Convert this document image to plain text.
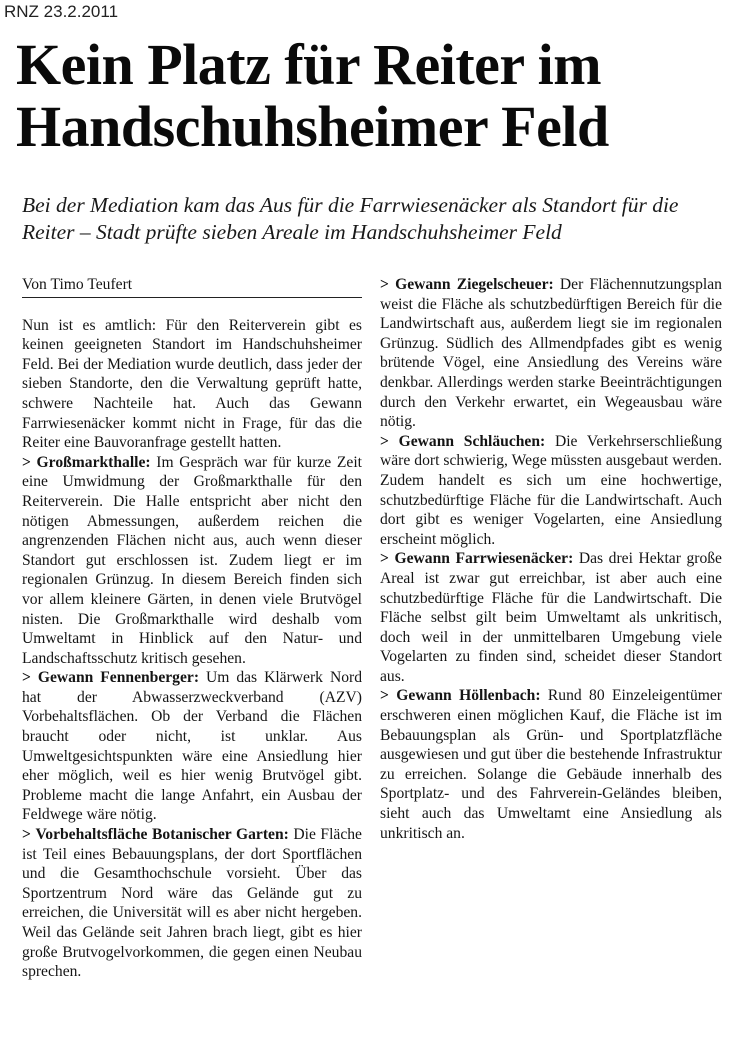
RNZ 23.2.2011
Kein Platz für Reiter im Handschuhsheimer Feld

Bei der Mediation kam das Aus für die Farrwiesenäcker als Standort für die Reiter – Stadt prüfte sieben Areale im Handschuhsheimer Feld

Von Timo Teufert

Nun ist es amtlich: Für den Reiterverein gibt es keinen geeigneten Standort im Handschuhsheimer Feld. Bei der Mediation wurde deutlich, dass jeder der sieben Standorte, den die Verwaltung geprüft hatte, schwere Nachteile hat. Auch das Gewann Farrwiesenäcker kommt nicht in Frage, für das die Reiter eine Bauvoranfrage gestellt hatten.

> Großmarkthalle: Im Gespräch war für kurze Zeit eine Umwidmung der Großmarkthalle für den Reiterverein. Die Halle entspricht aber nicht den nötigen Abmessungen, außerdem reichen die angrenzenden Flächen nicht aus, auch wenn dieser Standort gut erschlossen ist. Zudem liegt er im regionalen Grünzug. In diesem Bereich finden sich vor allem kleinere Gärten, in denen viele Brutvögel nisten. Die Großmarkthalle wird deshalb vom Umweltamt in Hinblick auf den Natur- und Landschaftsschutz kritisch gesehen.

> Gewann Fennenberger: Um das Klärwerk Nord hat der Abwasserzweckverband (AZV) Vorbehaltsflächen. Ob der Verband die Flächen braucht oder nicht, ist unklar. Aus Umweltgesichtspunkten wäre eine Ansiedlung hier eher möglich, weil es hier wenig Brutvögel gibt. Probleme macht die lange Anfahrt, ein Ausbau der Feldwege wäre nötig.

> Vorbehaltsfläche Botanischer Garten: Die Fläche ist Teil eines Bebauungsplans, der dort Sportflächen und die Gesamthochschule vorsieht. Über das Sportzentrum Nord wäre das Gelände gut zu erreichen, die Universität will es aber nicht hergeben. Weil das Gelände seit Jahren brach liegt, gibt es hier große Brutvogelvorkommen, die gegen einen Neubau sprechen.

> Gewann Ziegelscheuer: Der Flächennutzungsplan weist die Fläche als schutzbedürftigen Bereich für die Landwirtschaft aus, außerdem liegt sie im regionalen Grünzug. Südlich des Allmendpfades gibt es wenig brütende Vögel, eine Ansiedlung des Vereins wäre denkbar. Allerdings werden starke Beeinträchtigungen durch den Verkehr erwartet, ein Wegeausbau wäre nötig.

> Gewann Schläuchen: Die Verkehrserschließung wäre dort schwierig, Wege müssten ausgebaut werden. Zudem handelt es sich um eine hochwertige, schutzbedürftige Fläche für die Landwirtschaft. Auch dort gibt es weniger Vogelarten, eine Ansiedlung erscheint möglich.

> Gewann Farrwiesenäcker: Das drei Hektar große Areal ist zwar gut erreichbar, ist aber auch eine schutzbedürftige Fläche für die Landwirtschaft. Die Fläche selbst gilt beim Umweltamt als unkritisch, doch weil in der unmittelbaren Umgebung viele Vogelarten zu finden sind, scheidet dieser Standort aus.

> Gewann Höllenbach: Rund 80 Einzeleigentümer erschweren einen möglichen Kauf, die Fläche ist im Bebauungsplan als Grün- und Sportplatzfläche ausgewiesen und gut über die bestehende Infrastruktur zu erreichen. Solange die Gebäude innerhalb des Sportplatz- und des Fahrverein-Geländes bleiben, sieht auch das Umweltamt eine Ansiedlung als unkritisch an.
